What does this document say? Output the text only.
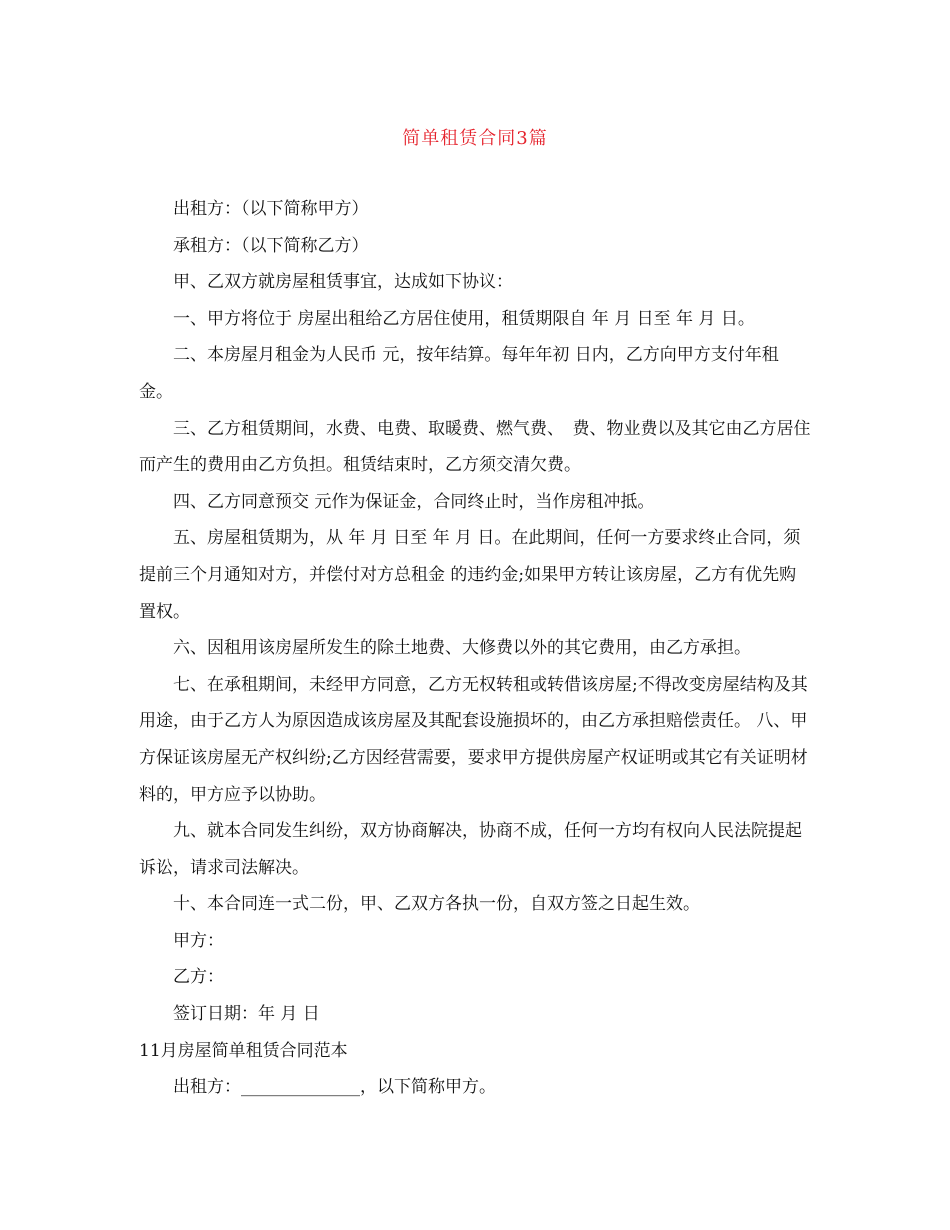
简单租赁合同3篇

出租方：（以下简称甲方）

承租方：（以下简称乙方）

甲、乙双方就房屋租赁事宜，达成如下协议：

一、甲方将位于 房屋出租给乙方居住使用，租赁期限自 年 月 日至 年 月 日。

二、本房屋月租金为人民币 元，按年结算。每年年初 日内，乙方向甲方支付年租金。

三、乙方租赁期间，水费、电费、取暖费、燃气费、　费、物业费以及其它由乙方居住而产生的费用由乙方负担。租赁结束时，乙方须交清欠费。

四、乙方同意预交 元作为保证金，合同终止时，当作房租冲抵。

五、房屋租赁期为，从 年 月 日至 年 月 日。在此期间，任何一方要求终止合同，须提前三个月通知对方，并偿付对方总租金 的违约金;如果甲方转让该房屋，乙方有优先购置权。

六、因租用该房屋所发生的除土地费、大修费以外的其它费用，由乙方承担。

七、在承租期间，未经甲方同意，乙方无权转租或转借该房屋;不得改变房屋结构及其用途，由于乙方人为原因造成该房屋及其配套设施损坏的，由乙方承担赔偿责任。 八、甲方保证该房屋无产权纠纷;乙方因经营需要，要求甲方提供房屋产权证明或其它有关证明材料的，甲方应予以协助。

九、就本合同发生纠纷，双方协商解决，协商不成，任何一方均有权向人民法院提起诉讼，请求司法解决。

十、本合同连一式二份，甲、乙双方各执一份，自双方签之日起生效。

甲方：

乙方：

签订日期：年 月 日

11月房屋简单租赁合同范本

出租方：______________，以下简称甲方。
